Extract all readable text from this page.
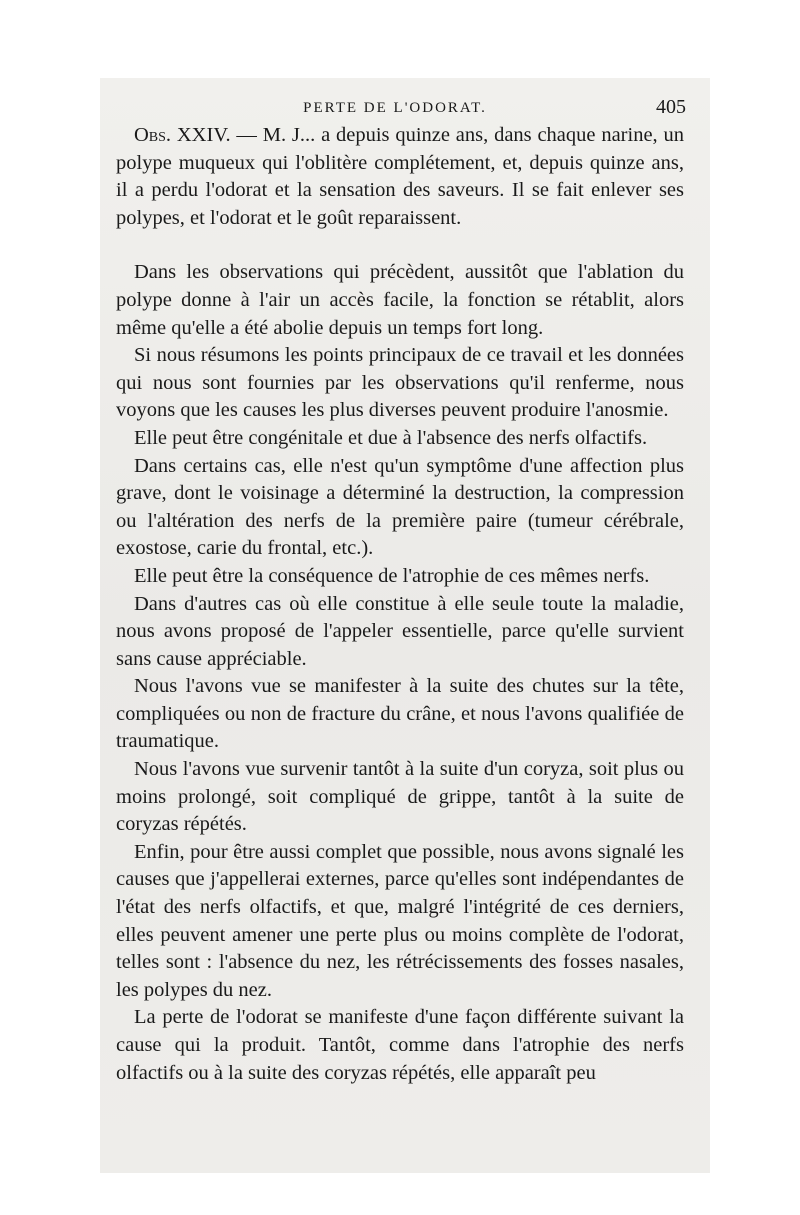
PERTE DE L'ODORAT.	405

Obs. XXIV. — M. J... a depuis quinze ans, dans chaque narine, un polype muqueux qui l'oblitère complétement, et, depuis quinze ans, il a perdu l'odorat et la sensation des saveurs. Il se fait enlever ses polypes, et l'odorat et le goût reparaissent.

Dans les observations qui précèdent, aussitôt que l'ablation du polype donne à l'air un accès facile, la fonction se rétablit, alors même qu'elle a été abolie depuis un temps fort long.

Si nous résumons les points principaux de ce travail et les données qui nous sont fournies par les observations qu'il renferme, nous voyons que les causes les plus diverses peuvent produire l'anosmie.

Elle peut être congénitale et due à l'absence des nerfs olfactifs.

Dans certains cas, elle n'est qu'un symptôme d'une affection plus grave, dont le voisinage a déterminé la destruction, la compression ou l'altération des nerfs de la première paire (tumeur cérébrale, exostose, carie du frontal, etc.).

Elle peut être la conséquence de l'atrophie de ces mêmes nerfs.

Dans d'autres cas où elle constitue à elle seule toute la maladie, nous avons proposé de l'appeler essentielle, parce qu'elle survient sans cause appréciable.

Nous l'avons vue se manifester à la suite des chutes sur la tête, compliquées ou non de fracture du crâne, et nous l'avons qualifiée de traumatique.

Nous l'avons vue survenir tantôt à la suite d'un coryza, soit plus ou moins prolongé, soit compliqué de grippe, tantôt à la suite de coryzas répétés.

Enfin, pour être aussi complet que possible, nous avons signalé les causes que j'appellerai externes, parce qu'elles sont indépendantes de l'état des nerfs olfactifs, et que, malgré l'intégrité de ces derniers, elles peuvent amener une perte plus ou moins complète de l'odorat, telles sont : l'absence du nez, les rétrécissements des fosses nasales, les polypes du nez.

La perte de l'odorat se manifeste d'une façon différente suivant la cause qui la produit. Tantôt, comme dans l'atrophie des nerfs olfactifs ou à la suite des coryzas répétés, elle apparaît peu
